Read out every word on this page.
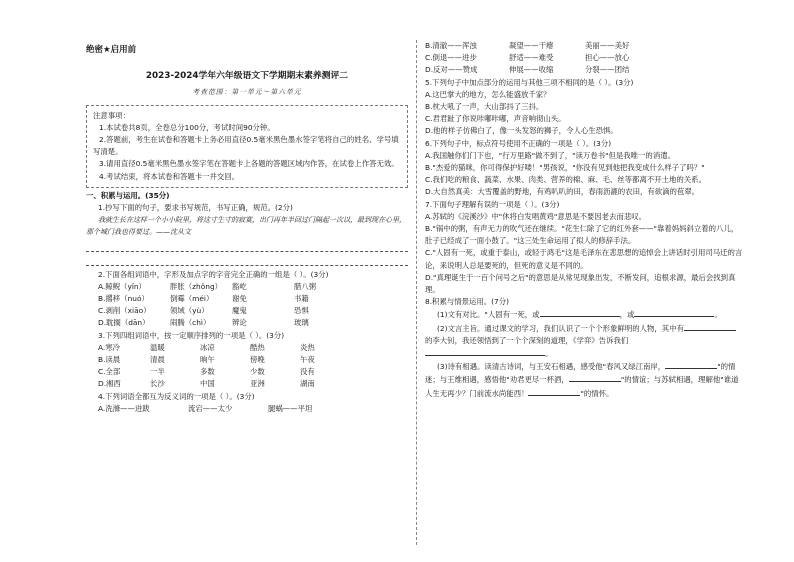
绝密★启用前
2023-2024学年六年级语文下学期期末素养测评二
考查范围：第一单元～第六单元
注意事项：
1.本试卷共8页，全卷总分100分，考试时间90分钟。
2.答题前，考生在试卷和答题卡上务必用直径0.5毫米黑色墨水签字笔将自己的姓名、学号填写清楚。
3.请用直径0.5毫米黑色墨水签字笔在答题卡上各题的答题区域内作答，在试卷上作答无效。
4.考试结束，将本试卷和答题卡一并交回。
一、积累与运用。(35分)
1.抄写下面的句子，要求书写规范，书写正确，规范。(2分)
我就生长在这样一个小小院里，将这寸生寸的寂寞，出门再年半回过门隔起一次以，最到现在心里，那个城门我也得要过。——沈从文
2.下面各组词语中，字形及加点字的字音完全正确的一组是（ ）。(3分)
A.鲸鲵（yǐn）	胖胀（zhǒng）	豁屹	腊八粥
B.撂移（nuó）	倒霉（méi）	谢免	书籍
C.剥削（xiāo）	领域（yù）	魔鬼	恐惧
D.耽搁（dān）	闹腾（chì）	辨论	玻璃
3.下列四组词语中，按一定顺序排列的一项是（ ）。(3分)
A.寒冷	温暖	冰凉	酷热	炎热
B.读晨	清晨	晌午	傍晚	午夜
C.全部	一半	多数	少数	没有
D.湘西	长沙	中国	亚洲	湖南
4.下列词语全都互为反义词的一项是（ ）。(3分)
A.洗滌——迸跋	流宕——太少	腿蜗——平坦
B.清澈——浑浊	凝望——干瘪	美丽——美好
C.倒退——进步	舒适——难受	担心——放心
D.反对——赞成	伸展——收缩	分裂——团结
5.下列句子中加点部分的运用与其他三项不相同的是（ ）。(3分)
A.这巴掌大的地方，怎么能盛放千家？
B.枕大吼了一声，大山部抖了三抖。
C.君君趾了你说咔嘟咔嘟，声音响彻山头。
D.他的样子仿佛白了，像一头发怒的狮子，令人心生恐惧。
6.下列句子中，标点符号使用不正确的一项是（ ）。(3分)
A.我国触你们门下也，"行万里路"做不到了，"读万卷书"但是我唯一的消遣。
B."杰爱的猫咪，你可得保护好喽！"男孩说，"你没有见到他把我变成什么样子了吗？"
C.我们吃的粮食、蔬菜、水果、肉类、营养的棉、麻、毛、丝等都离不开土地的关系。
D.大自然真美：大雪覆盖的野地，有鸡叭叭的田，春雨沥漉的农田，有欲滴的苞翠。
7.下面句子理解有误的一项是（ ）。(3分)
A.苏轼的《浣溪沙》中"休将白发唱黄鸡"意思是不要因老去而悲叹。
B."锅中的粥，有声无力的吹气还在继续。"花生仁除了它的红外套——"靠着妈妈斜立着的八儿，肚子已经成了一面小鼓了。"这三处生命运用了拟人的修辞手法。
C."人固有一死，或重于泰山，或轻于鸿毛"这是毛泽东在悲思想的追悼会上讲话时引用司马迁的言论，来说明人总是要死的，但死的意义是不同的。
D."真理诞生于一百个问号之后"的意思是从常见现象出发，不断发问，追根求源，最后会找到真理。
8.积累与情景运用。(7分)
(1)文有对比。"人固有一死，或	，或	。
(2)文言主旨。通过课文的学习，我们认识了一个个形象鲜明的人物，其中有的李大钊，我还领悟到了一个个深刻的道理，《学弈》告诉我们。
(3)诗有相遇。读清古诗词，与王安石相遇，感受他"春风又绿江南岸，	"的情迷；与王维相遇，感悟他"劝君更尽一杯酒，	"的情谊；与苏轼相遇，理解他"谁道人生无再少？门前流水尚能西！	"的情怀。
